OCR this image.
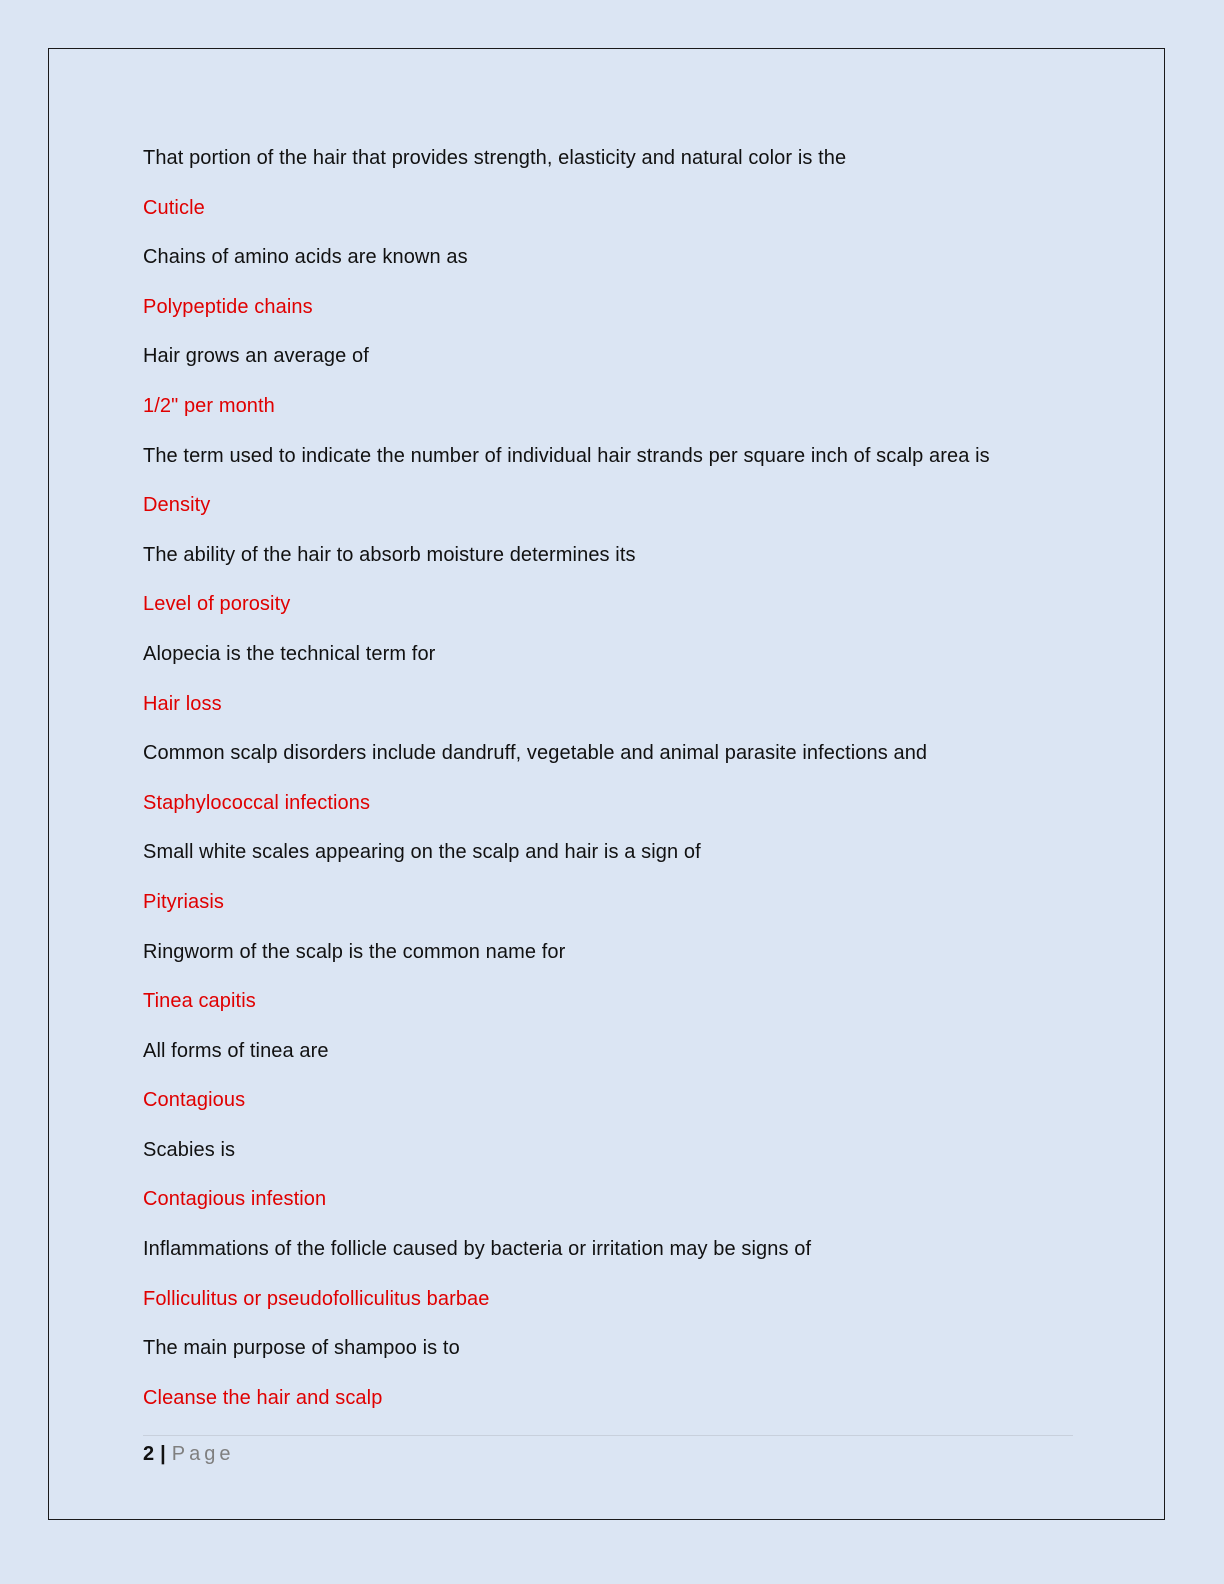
That portion of the hair that provides strength, elasticity and natural color is the
Cuticle
Chains of amino acids are known as
Polypeptide chains
Hair grows an average of
1/2" per month
The term used to indicate the number of individual hair strands per square inch of scalp area is
Density
The ability of the hair to absorb moisture determines its
Level of porosity
Alopecia is the technical term for
Hair loss
Common scalp disorders include dandruff, vegetable and animal parasite infections and
Staphylococcal infections
Small white scales appearing on the scalp and hair is a sign of
Pityriasis
Ringworm of the scalp is the common name for
Tinea capitis
All forms of tinea are
Contagious
Scabies is
Contagious infestion
Inflammations of the follicle caused by bacteria or irritation may be signs of
Folliculitus or pseudofolliculitus barbae
The main purpose of shampoo is to
Cleanse the hair and scalp
2 | Page
